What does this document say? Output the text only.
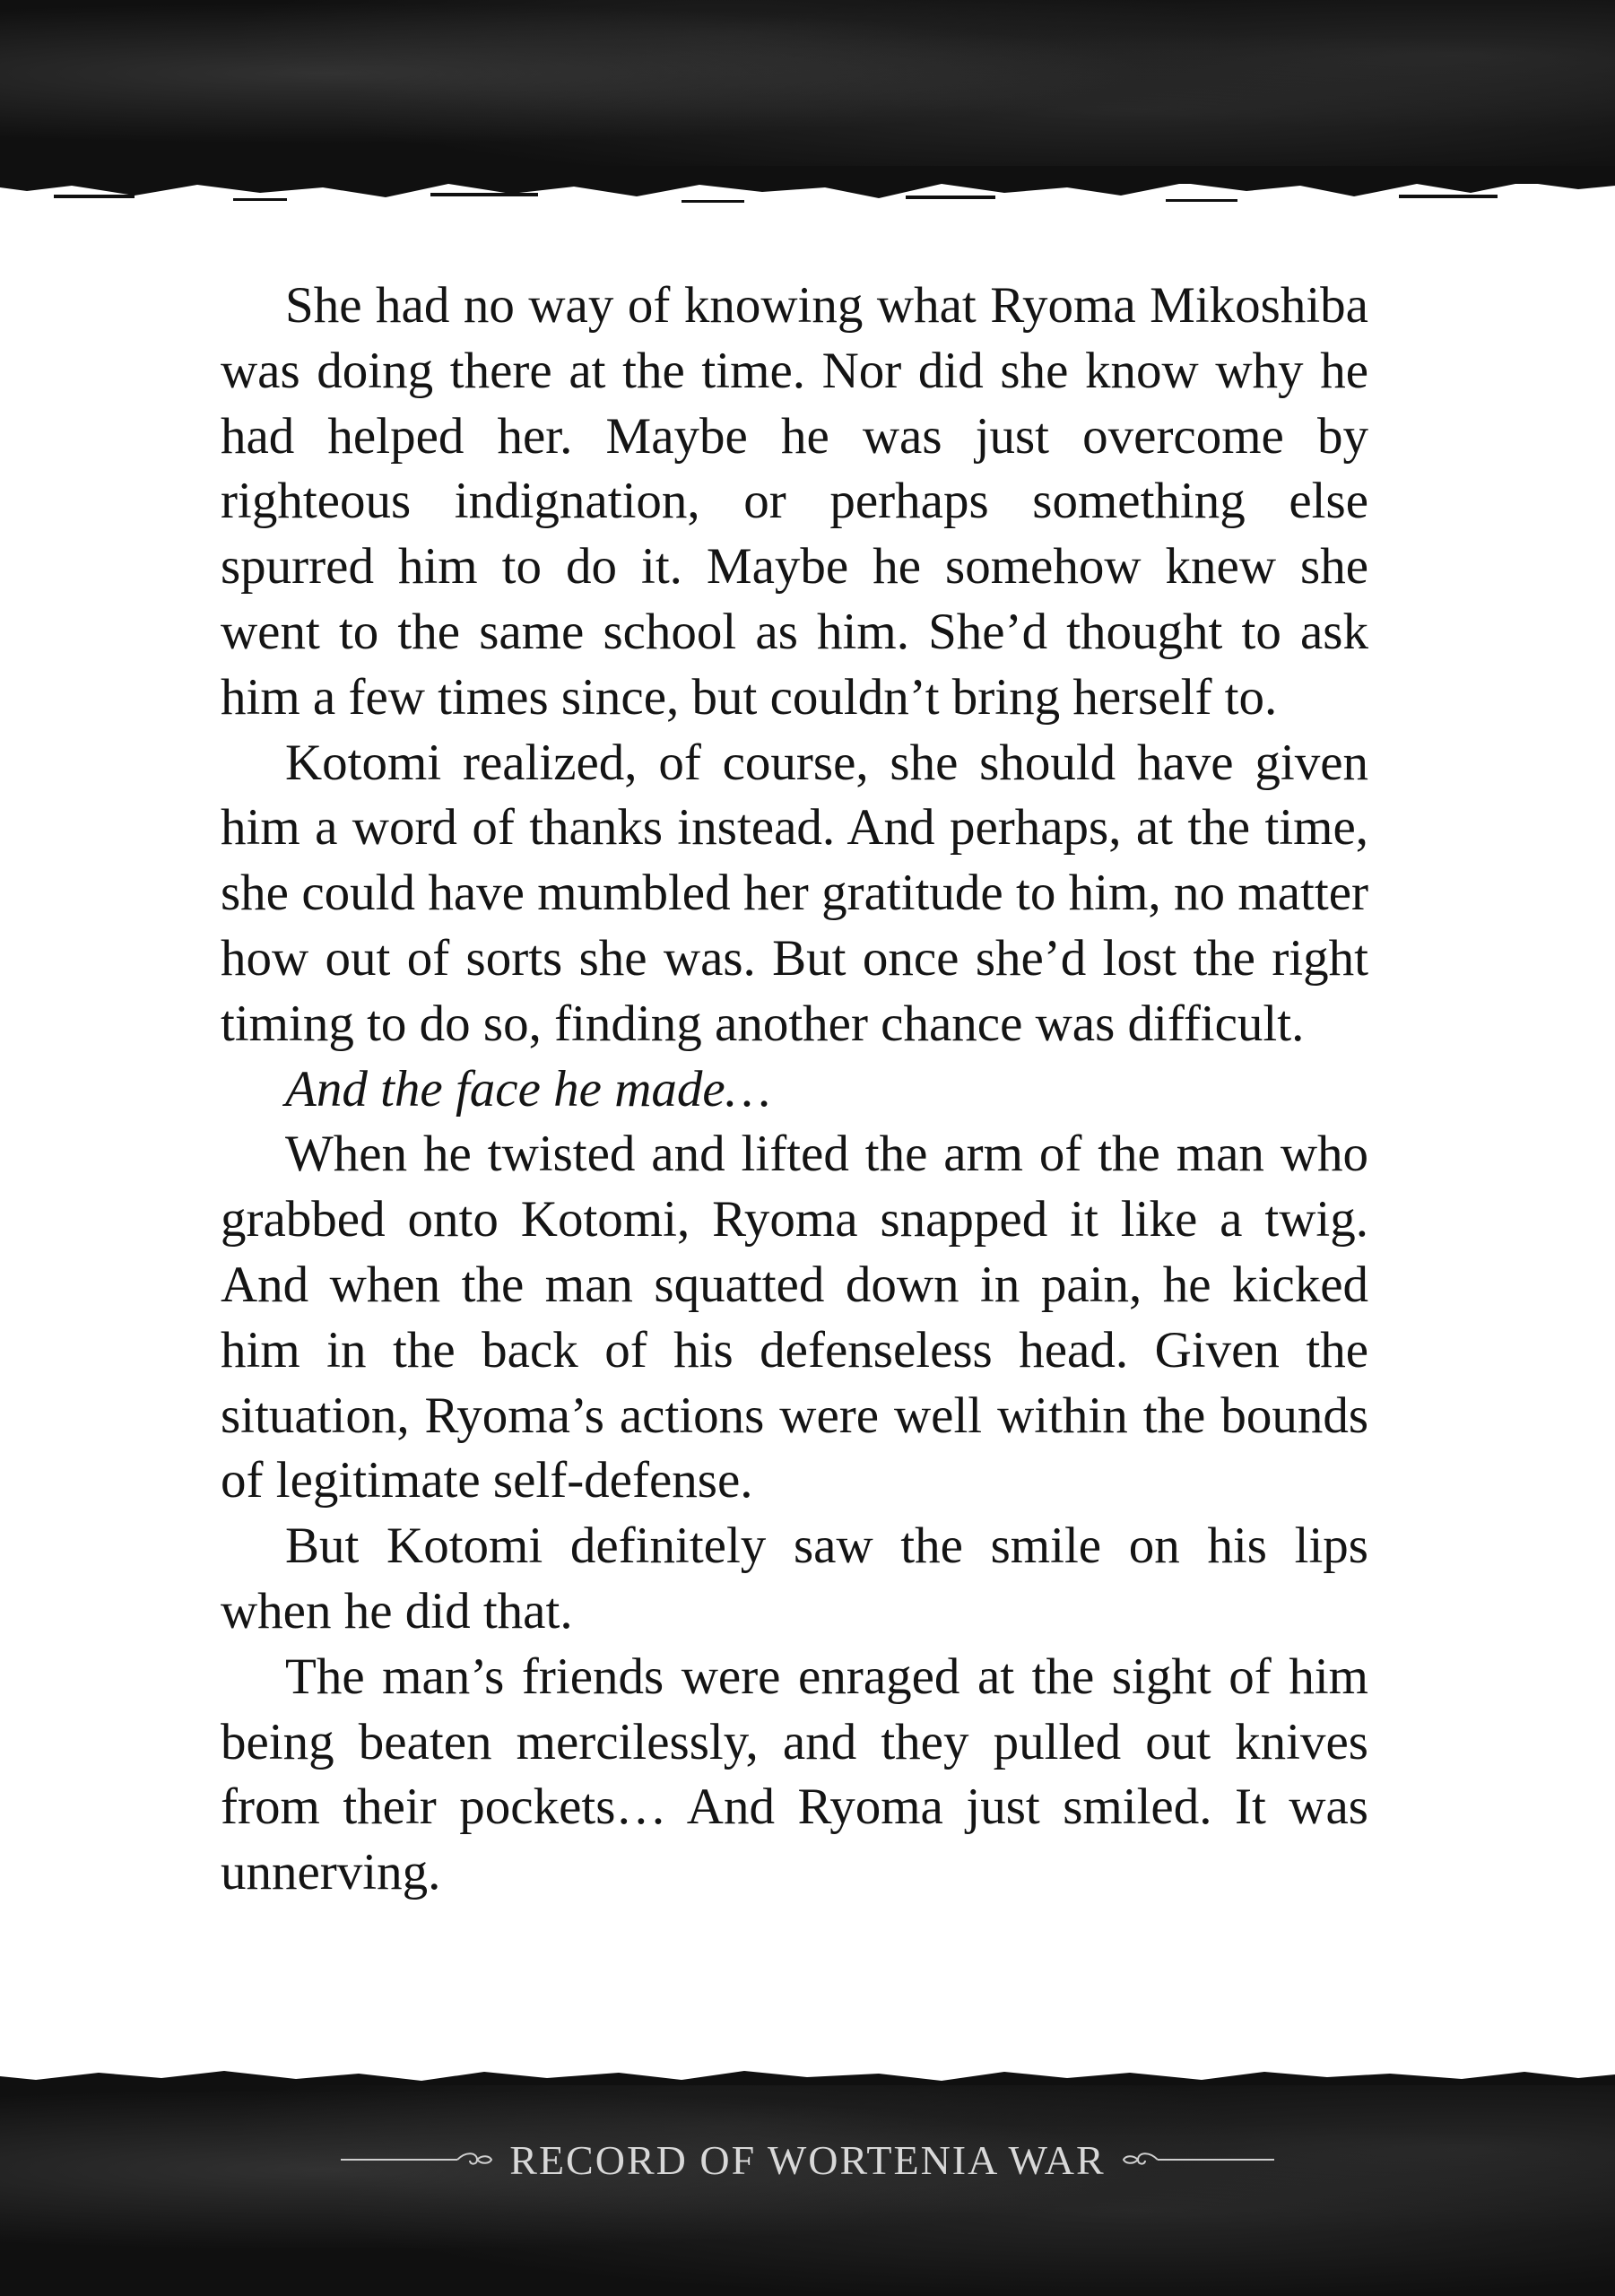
She had no way of knowing what Ryoma Mikoshiba was doing there at the time. Nor did she know why he had helped her. Maybe he was just overcome by righteous indignation, or perhaps something else spurred him to do it. Maybe he somehow knew she went to the same school as him. She’d thought to ask him a few times since, but couldn’t bring herself to.

Kotomi realized, of course, she should have given him a word of thanks instead. And perhaps, at the time, she could have mumbled her gratitude to him, no matter how out of sorts she was. But once she’d lost the right timing to do so, finding another chance was difficult.

And the face he made…

When he twisted and lifted the arm of the man who grabbed onto Kotomi, Ryoma snapped it like a twig. And when the man squatted down in pain, he kicked him in the back of his defenseless head. Given the situation, Ryoma’s actions were well within the bounds of legitimate self-defense.

But Kotomi definitely saw the smile on his lips when he did that.

The man’s friends were enraged at the sight of him being beaten mercilessly, and they pulled out knives from their pockets… And Ryoma just smiled. It was unnerving.

RECORD OF WORTENIA WAR
